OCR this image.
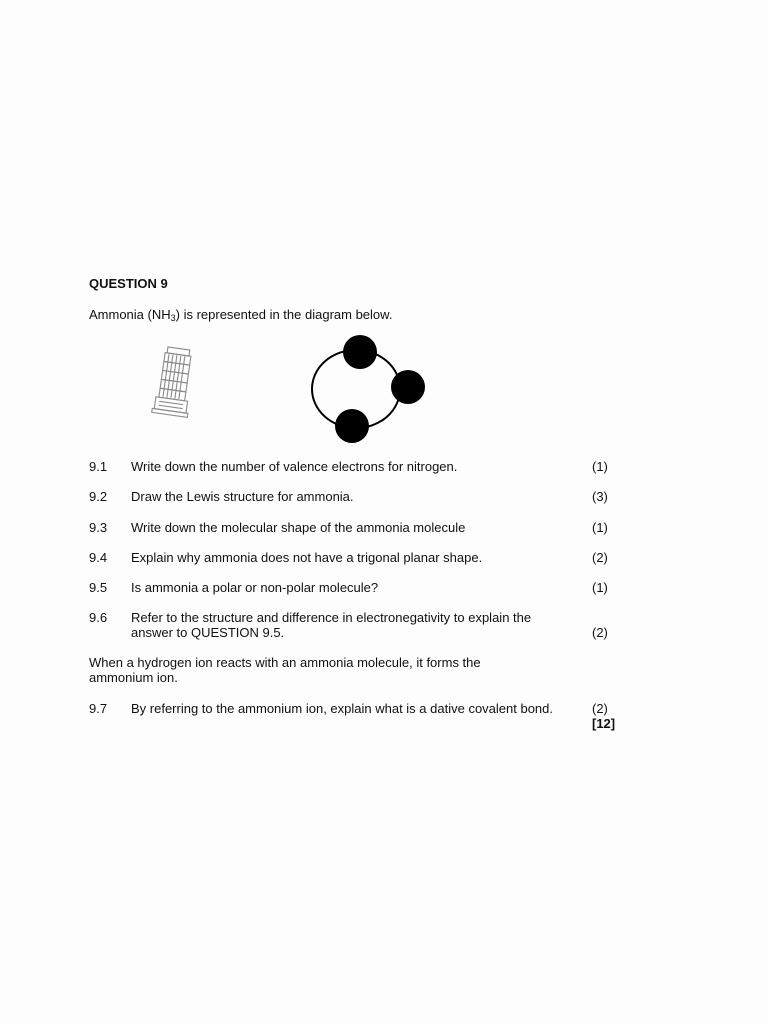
QUESTION 9
Ammonia $(NH_3)$ is represented in the diagram below.
9.1 Write down the number of valence electrons for nitrogen.	(1)
9.2 Draw the Lewis structure for ammonia.	(3)
9.3 Write down the molecular shape of the ammonia molecule	(1)
9.4 Explain why ammonia does not have a trigonal planar shape.	(2)
9.5 Is ammonia a polar or non-polar molecule?	(1)
9.6 Refer to the structure and difference in electronegativity to explain the answer to QUESTION 9.5.	(2)
When a hydrogen ion reacts with an ammonia molecule, it forms the ammonium ion.
9.7 By referring to the ammonium ion, explain what is a dative covalent bond.	(2)
[12]
